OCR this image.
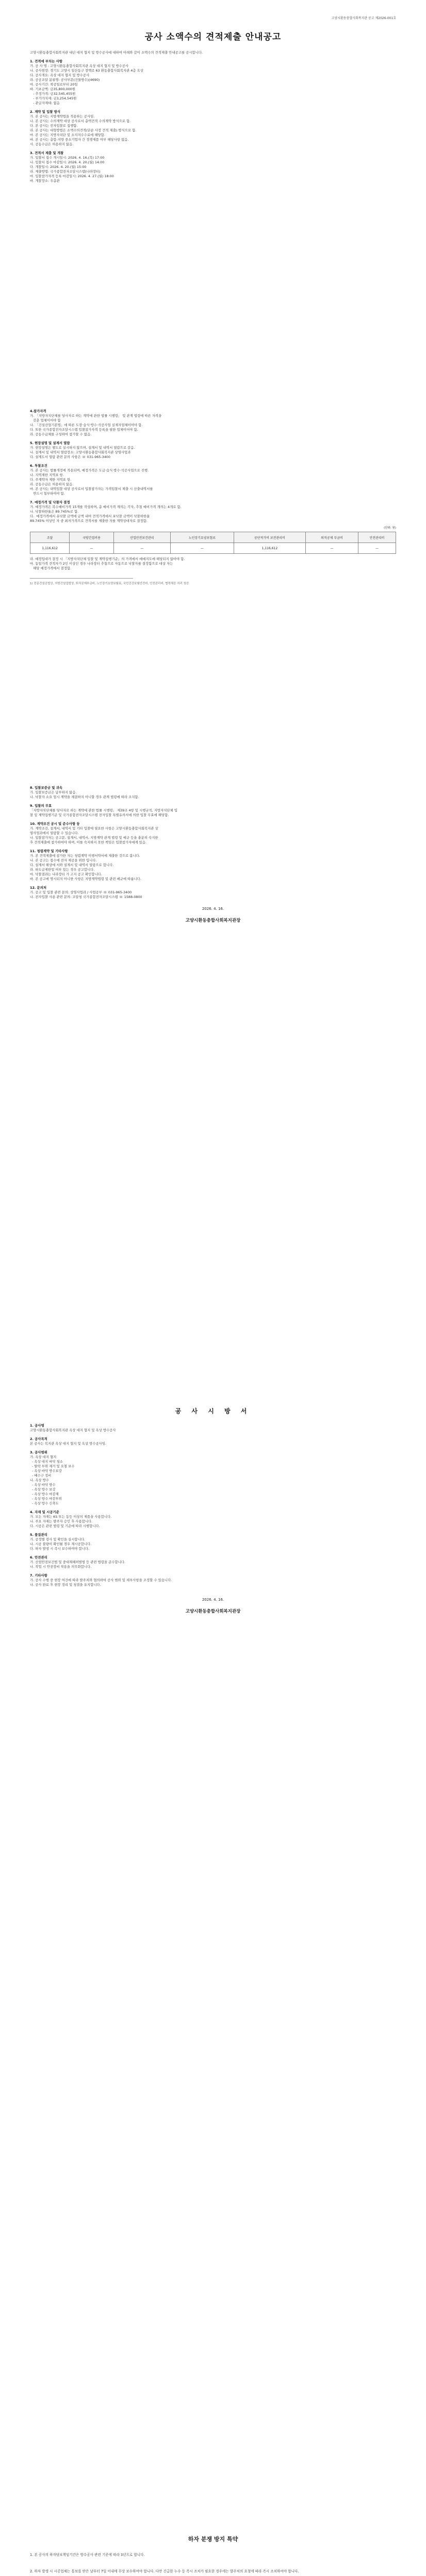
고양시환동충합사회복지관 공고 제2026-001호
공사 소액수의 견적제출 안내공고
고양시환동충합사회복지관 내년 대지 협지 및 방수공사에 대하여 아래와 같이 소액수의 견적제출 안내공고를 공시합니다.
1. 견적에 부치는 사항
가. 공 사 명 : 고양시환동충합사회복지관 옥상 대지 협지 및 방수공사
나. 공사현장: 경기도 고양시 일산동구 장백로 63 환동충합사회복지관 4층 옥상
다. 공사개요: 옥상 대지 협지 및 방수공사
라. 공공조달 분류명: 공사부문(건물방수)(4690)
마. 공사기간: 착공일로부터 20일
바. 기초금액: 금35,800,000원
- 추정가격: 금32,545,455원
- 부가가치세: 금3,254,545원
- 관급자재대: 없음
2. 계약 및 입찰 방식
가. 본 공사는 지방계약법을 적용하는 공사임.
나. 본 공사는 수의계약 대상 공사로서 총액견적 수의계약 방식으로 함.
다. 본 공사는 전자입찰로 집행함.
라. 본 공사는 대형방법은 소액수의견적(단순 사장 견적 제출) 방식으로 함.
마. 본 공사는 지방자치단 및 소지지수수료에 해당함.
바. 본 공사는 총합-지방 중소기업자 간 경쟁제품 여부 해당사항 없음.
사. 공동수급은 허용하지 않음.
3. 견적서 제출 및 개찰
가. 입찰서 접수 개시일시: 2026. 4. 16.(목) 17:00
나. 입찰서 접수 마감일시: 2026. 4. 20.(월) 14:00
다. 개찰일시: 2026. 4. 20.(월) 15:00
라. 제출방법: 국가종합전자조달시스템(나라장터)
마. 입찰참가자격 등록 마감일시: 2026. 4. 27.(월) 18:00
바. 개찰장소: 우총관
4.참가자격
가. 「지방자치단체를 당사자로 하는 계약에 관한 법률 시행령」 및 관계 법령에 따른 자격을
갖춘 업체이어야 함
나. 「건설산업기본법」에 따른 도장·습식·방수·석공사업 실제자업체이어야 함.
다. 또한 국가종합전자조달시스템 입찰참가자격 등록을 필한 업체이어야 함.
라. 공동수급체를 구성하여 참가할 수 없음.
5. 현장설명 및 설계서 열람
가. 현장설명은 별도로 실시하지 않으며, 설계서 및 내역서 열람으로 갈음.
나. 설계서 및 내역서 열람장소: 고양시환동충합사회복지관 상영사업과
다. 설계도서 열람 관련 문의 사항은 ☏ 031-965-3400
6. 투찰조건
가. 본 공사는 법률개정에 적용되며, 예정가격은 도급·습식·방수·석공사업으로 진행.
나. 지역제한 지역표 항.
다. 주계약자 제한 지역표 항.
라. 공동수급은 허용하지 않음.
마. 본 공사는 내역입찰 대상 공사로서 입찰참가자는 가격입찰서 제출 시 산출내역서를
반드시 첨부하여야 함.
7. 예정가격 및 낙찰자 결정
가. 예정가격은 복수예비가격 15개를 작성하며, 총 예비가격 개의는 각자, 추첨 예비가격 개의는 4개로 함.
나. 낙찰하한율은 89.745%로 함.
다.  예정가격에서 유낙찰 금액에 금액 내여 견적가격에서 포낙찰 금액이 낙찰하한율
89.745% 이상인 자 중 최저가격으로 견적서를 제출한 자를 계약상대자로 결정함.
(단위: 원)
조달	국방간접비용	산업안전보건관리	노인장기요양보험료	공단적가비 보전관리비	퇴직공제 부금비	안전관리비
1,116,612	—	—	—	1,116,612	—	—
라. 예정입대가 결정 시 「지방자치단체 입찰 및 계약집행기준」의 가격에서 예예지도에 해당되지 않아야 함.
마. 동일가격 견적자가 2인 이상인 경우 나라장터 추첨으로 자동으로 낙찰자를 결정함으로 대상 자는
해당 예정가격에서 결정함.
1) 전문건설공법상, 지방건설업법상, 퇴직공제부금비, 노인장기요양보험료, 국민건강보험안전비, 안전관리비, 협력체공 처리 청산
8. 입찰보증금 및 귀속
가. 입찰보증금은 납부하지 않음.
나. 낙찰자 소요 업시 계약을 체결하지 아니할 경우 관계 법령에 따라 조치함.
9. 입찰의 무효
「지방자치단체를 당사자로 하는 계약에 관한 법률 시행령」 제39조 4항 및 시행규칙, 지방자치단체 입
찰 및 계약집행기준 및 국가종합전자조달시스템 전자입찰 특별유의서에 의한 입찰 무효에 해당함.
10. 계약조건 공시 및 준수사항 등
가. 계약조건, 설계서, 내역서 및 기타 입찰에 필요한 사항은 고양시환동충합사회복지관 상
영사업과에서 열람할 수 있습니다.
나. 입찰참가자는 공고문, 설계서, 내역서, 지방계약 관계 법령 및 예규 등을 충분히 숙지한
후 견적제출에 참가하여야 하며, 이를 숙지하지 못한 책임은 입찰참가자에게 있음.
11. 청렴계약 및 기타사항
가. 본 견적제출에 참가한 자는 청렴계약 이행서약서에 제출한 것으로 봅니다.
나. 본 공고는 접수에 전자 제공을 위한 입니다.
다. 설계서 해상에 서와 설계서 및 내역서 열람으로 합니다.
라. 하도급제한업 여부 있는 경우 공고합니다.
마. 낙찰결과는 나라장터 가 고지 공고 확인합니다.
바. 본 공고에 명시되지 아니한 사항은 지방계약법령 및 관련 예규에 따릅니다.
12. 문의처
가. 공고 및 입찰 관련 문의: 상영사업과 / 사업공부 ☏ 031-965-3400
나. 전자입찰 사용 관련 문의: 조달청 국가종합전자조달시스템 ☏ 1588-0800
2026. 4. 16.
고양시환동충합사회복지관장
공 사 시 방 서
1. 공사명
고양시환동충합사회복지관 옥상 대지 협지 및 옥상 방수공사
2. 공사목적
본 공사는 복지관 옥상 대지 협지 및 옥상 방수공사임.
3. 공사범위
가. 옥상 대지 협지
- 옥상 대지 바닥 청소
- 탈락 부위 제거 및 요철 보수
- 옥상 바닥 방수보강
- 배수구 정비
나. 옥상 방수
- 옥상 바닥 방수
- 옥상 방수 보강
- 옥상 방수 마감재
- 옥상 방수 마감부위
- 옥상 방수 신축도
4. 자재 및 시공기준
가. 모든 자재는 KS 또는 동등 이상의 제품을 사용합니다.
나. 주요 자재는 발주자 승인 후 사용합니다.
다. 시공은 관련 법령 및 기준에 따라 시행합니다.
5. 품질관리
가. 공정별 검사 및 확인을 실시합니다.
나. 시공 불량이 확인될 경우 재시공합니다.
다. 하자 발생 시 즉시 보수하여야 합니다.
6. 안전관리
가. 산업안전보건법 및 중대재해처벌법 등 관련 법령을 준수합니다.
나. 작업 시 안전장비 착용을 의무화합니다.
7. 기타사항
가. 공사 수행 중 현장 여건에 따라 발주처와 협의하여 공사 범위 및 세부사항을 조정할 수 있습니다.
나. 공사 완료 후 현장 정리 및 청결을 유지합니다.
2026. 4. 16.
고양시환동충합사회복지관장
하자 분쟁 방지 특약
1. 본 공사의 하자담보책임기간은 방수공사 관련 기준에 따라 3년으로 합니다.
2. 하자 발생 시 시공업체는 통보를 받은 날부터 7일 이내에 무상 보수하여야 합니다. 다만 긴급한 누수 등 즉시 조치가 필요한 경우에는 발주처의 요청에 따라 즉시 조치하여야 합니다.
